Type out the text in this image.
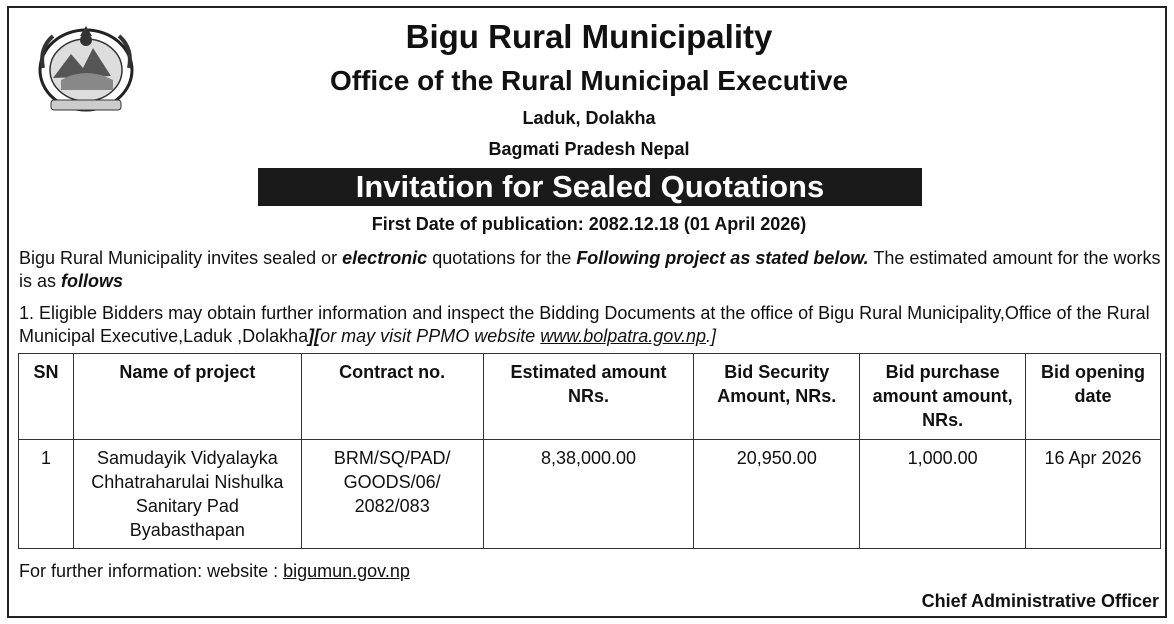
Bigu Rural Municipality
Office of the Rural Municipal Executive
Laduk, Dolakha
Bagmati Pradesh Nepal
Invitation for Sealed Quotations
First Date of publication: 2082.12.18 (01 April 2026)
Bigu Rural Municipality invites sealed or electronic quotations for the Following project as stated below. The estimated amount for the works is as follows
1. Eligible Bidders may obtain further information and inspect the Bidding Documents at the office of Bigu Rural Municipality,Office of the Rural Municipal Executive,Laduk ,Dolakha][or may visit PPMO website www.bolpatra.gov.np.]
SN	Name of project	Contract no.	Estimated amount NRs.	Bid Security Amount, NRs.	Bid purchase amount amount, NRs.	Bid opening date
1	Samudayik Vidyalayka Chhatraharulai Nishulka Sanitary Pad Byabasthapan	BRM/SQ/PAD/ GOODS/06/ 2082/083	8,38,000.00	20,950.00	1,000.00	16 Apr 2026
For further information: website : bigumun.gov.np
Chief Administrative Officer
